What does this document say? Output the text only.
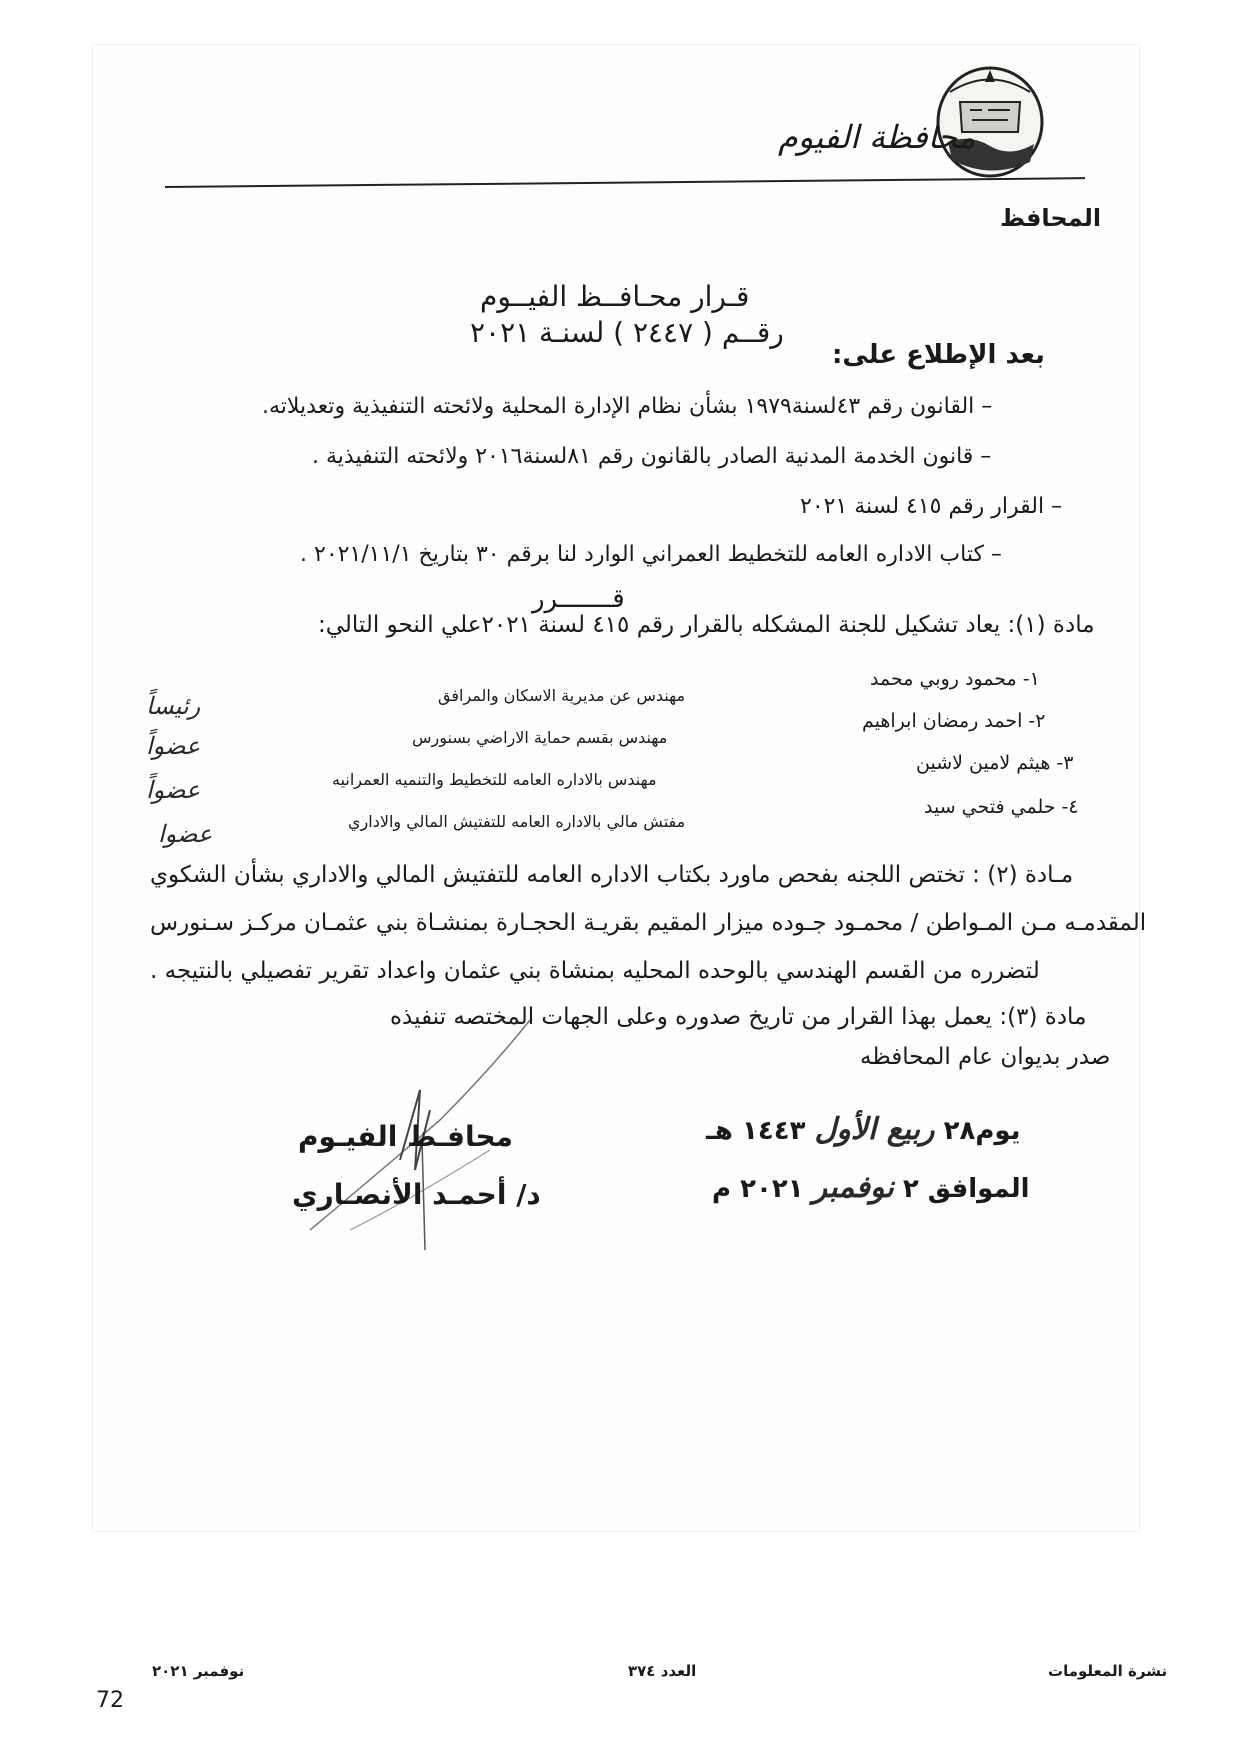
محافظة الفيوم
المحافظ
قـرار محـافــظ الفيــوم
رقــم ( ٢٤٤٧ ) لسنـة ٢٠٢١
بعد الإطلاع على:
– القانون رقم ٤٣لسنة١٩٧٩ بشأن نظام الإدارة المحلية ولائحته التنفيذية وتعديلاته.
– قانون الخدمة المدنية الصادر بالقانون رقم ٨١لسنة٢٠١٦ ولائحته التنفيذية .
– القرار رقم ٤١٥ لسنة ٢٠٢١
– كتاب الاداره العامه للتخطيط العمراني الوارد لنا برقم ٣٠ بتاريخ ٢٠٢١/١١/١ .
قـــــــرر
مادة (١): يعاد تشكيل للجنة المشكله بالقرار رقم ٤١٥ لسنة ٢٠٢١علي النحو التالي:
١- محمود روبي محمد
مهندس عن مديرية الاسكان والمرافق
رئيساً
٢- احمد رمضان ابراهيم
مهندس بقسم حماية الاراضي بسنورس
عضواً
٣- هيثم لامين لاشين
مهندس بالاداره العامه للتخطيط والتنميه العمرانيه
عضواً
٤- حلمي فتحي سيد
مفتش مالي بالاداره العامه للتفتيش المالي والاداري
عضوا
مـادة (٢) : تختص اللجنه بفحص ماورد بكتاب الاداره العامه للتفتيش المالي والاداري بشأن الشكوي
المقدمـه مـن المـواطن / محمـود جـوده ميزار المقيم بقريـة الحجـارة بمنشـاة بني عثمـان مركـز سـنورس
لتضرره من القسم الهندسي بالوحده المحليه بمنشاة بني عثمان واعداد تقرير تفصيلي بالنتيجه .
مادة (٣): يعمل بهذا القرار من تاريخ صدوره وعلى الجهات المختصه تنفيذه
صدر بديوان عام المحافظه
محافـظ الفيـوم
د/ أحمـد الأنصـاري
يوم٢٨ ربيع الأول ١٤٤٣ هـ
الموافق ٢ نوفمبر ٢٠٢١ م
نشرة المعلومات
العدد ٣٧٤
نوفمبر ٢٠٢١
72
